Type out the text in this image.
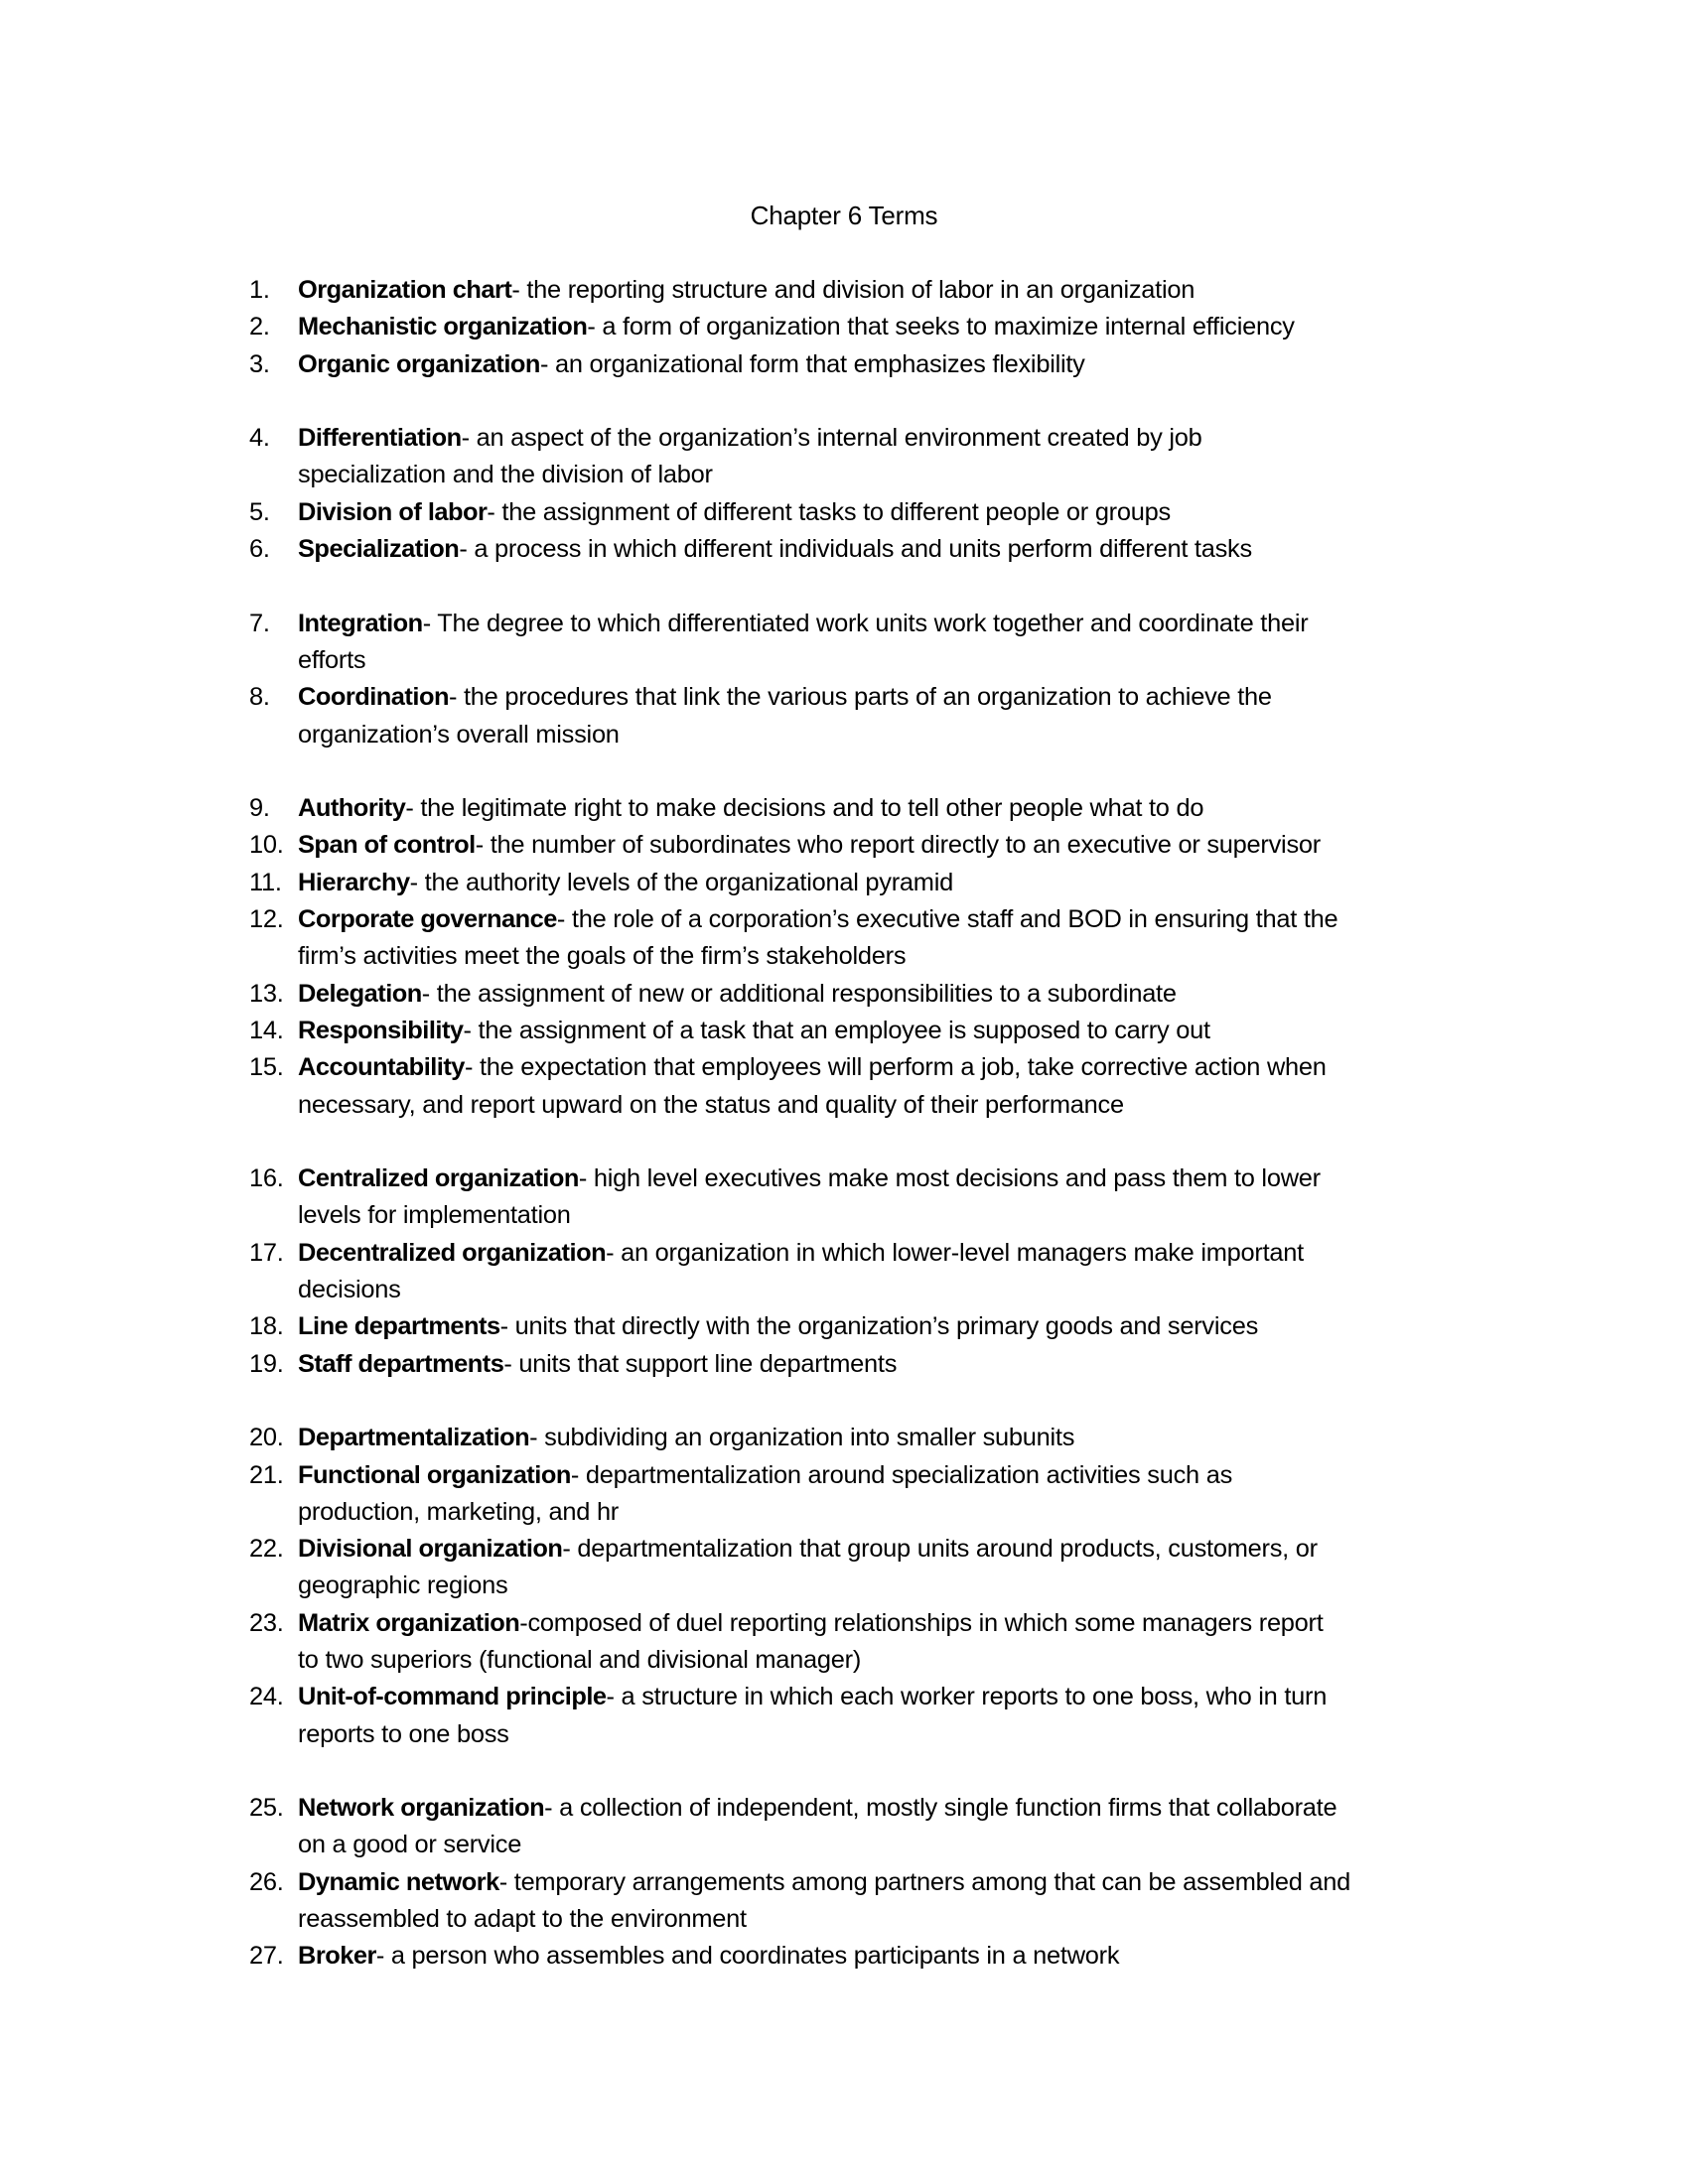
Chapter 6 Terms
1. Organization chart- the reporting structure and division of labor in an organization
2. Mechanistic organization- a form of organization that seeks to maximize internal efficiency
3. Organic organization- an organizational form that emphasizes flexibility
4. Differentiation- an aspect of the organization’s internal environment created by job
specialization and the division of labor
5. Division of labor- the assignment of different tasks to different people or groups
6. Specialization- a process in which different individuals and units perform different tasks
7. Integration- The degree to which differentiated work units work together and coordinate their
efforts
8. Coordination- the procedures that link the various parts of an organization to achieve the
organization’s overall mission
9. Authority- the legitimate right to make decisions and to tell other people what to do
10. Span of control- the number of subordinates who report directly to an executive or supervisor
11. Hierarchy- the authority levels of the organizational pyramid
12. Corporate governance- the role of a corporation’s executive staff and BOD in ensuring that the
firm’s activities meet the goals of the firm’s stakeholders
13. Delegation- the assignment of new or additional responsibilities to a subordinate
14. Responsibility- the assignment of a task that an employee is supposed to carry out
15. Accountability- the expectation that employees will perform a job, take corrective action when
necessary, and report upward on the status and quality of their performance
16. Centralized organization- high level executives make most decisions and pass them to lower
levels for implementation
17. Decentralized organization- an organization in which lower-level managers make important
decisions
18. Line departments- units that directly with the organization’s primary goods and services
19. Staff departments- units that support line departments
20. Departmentalization- subdividing an organization into smaller subunits
21. Functional organization- departmentalization around specialization activities such as
production, marketing, and hr
22. Divisional organization- departmentalization that group units around products, customers, or
geographic regions
23. Matrix organization-composed of duel reporting relationships in which some managers report
to two superiors (functional and divisional manager)
24. Unit-of-command principle- a structure in which each worker reports to one boss, who in turn
reports to one boss
25. Network organization- a collection of independent, mostly single function firms that collaborate
on a good or service
26. Dynamic network- temporary arrangements among partners among that can be assembled and
reassembled to adapt to the environment
27. Broker- a person who assembles and coordinates participants in a network
